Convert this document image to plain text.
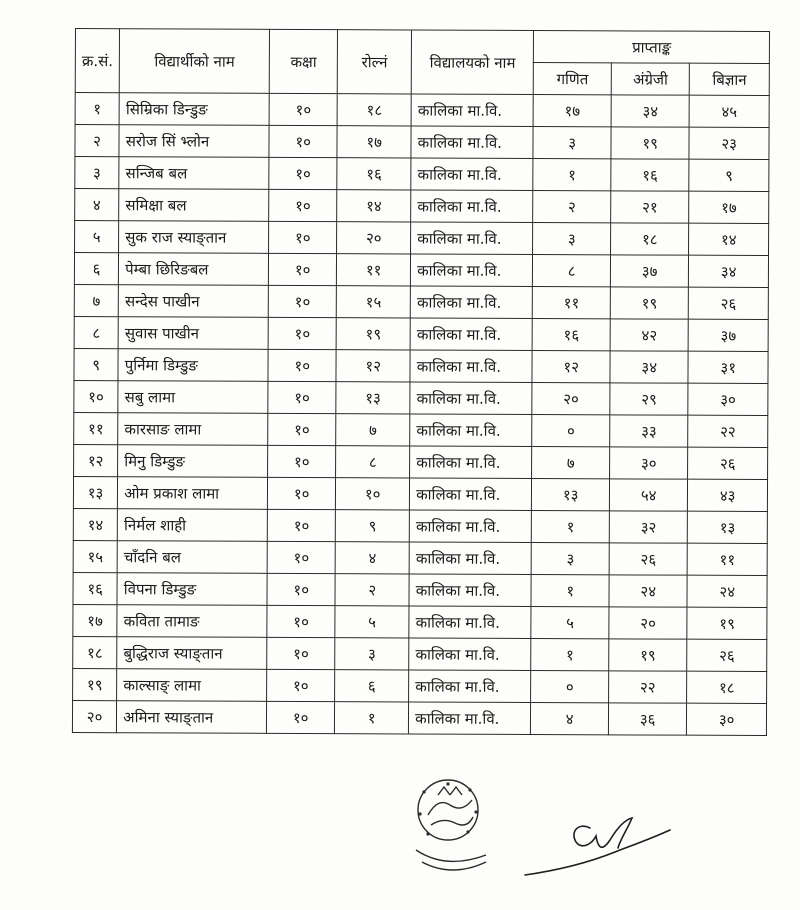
क्र.सं.	विद्यार्थीको नाम	कक्षा	रोल्नं	विद्यालयको नाम	प्राप्ताङ्क		
					गणित	अंग्रेजी	बिज्ञान
१	सिम्रिका डिन्डुङ	१०	१८	कालिका मा.वि.	१७	३४	४५
२	सरोज सिं भ्लोन	१०	१७	कालिका मा.वि.	३	१९	२३
३	सन्जिब बल	१०	१६	कालिका मा.वि.	१	१६	९
४	समिक्षा बल	१०	१४	कालिका मा.वि.	२	२१	१७
५	सुक राज स्याङ्तान	१०	२०	कालिका मा.वि.	३	१८	१४
६	पेम्बा छिरिङबल	१०	११	कालिका मा.वि.	८	३७	३४
७	सन्देस पाखीन	१०	१५	कालिका मा.वि.	११	१९	२६
८	सुवास पाखीन	१०	१९	कालिका मा.वि.	१६	४२	३७
९	पुर्निमा डिम्डुङ	१०	१२	कालिका मा.वि.	१२	३४	३१
१०	सबु लामा	१०	१३	कालिका मा.वि.	२०	२९	३०
११	कारसाङ लामा	१०	७	कालिका मा.वि.	०	३३	२२
१२	मिनु डिम्डुङ	१०	८	कालिका मा.वि.	७	३०	२६
१३	ओम प्रकाश लामा	१०	१०	कालिका मा.वि.	१३	५४	४३
१४	निर्मल शाही	१०	९	कालिका मा.वि.	१	३२	१३
१५	चाँदनि बल	१०	४	कालिका मा.वि.	३	२६	११
१६	विपना डिम्डुङ	१०	२	कालिका मा.वि.	१	२४	२४
१७	कविता तामाङ	१०	५	कालिका मा.वि.	५	२०	१९
१८	बुद्धिराज स्याङ्तान	१०	३	कालिका मा.वि.	१	१९	२६
१९	काल्साङ् लामा	१०	६	कालिका मा.वि.	०	२२	१८
२०	अमिना स्याङ्तान	१०	१	कालिका मा.वि.	४	३६	३०
